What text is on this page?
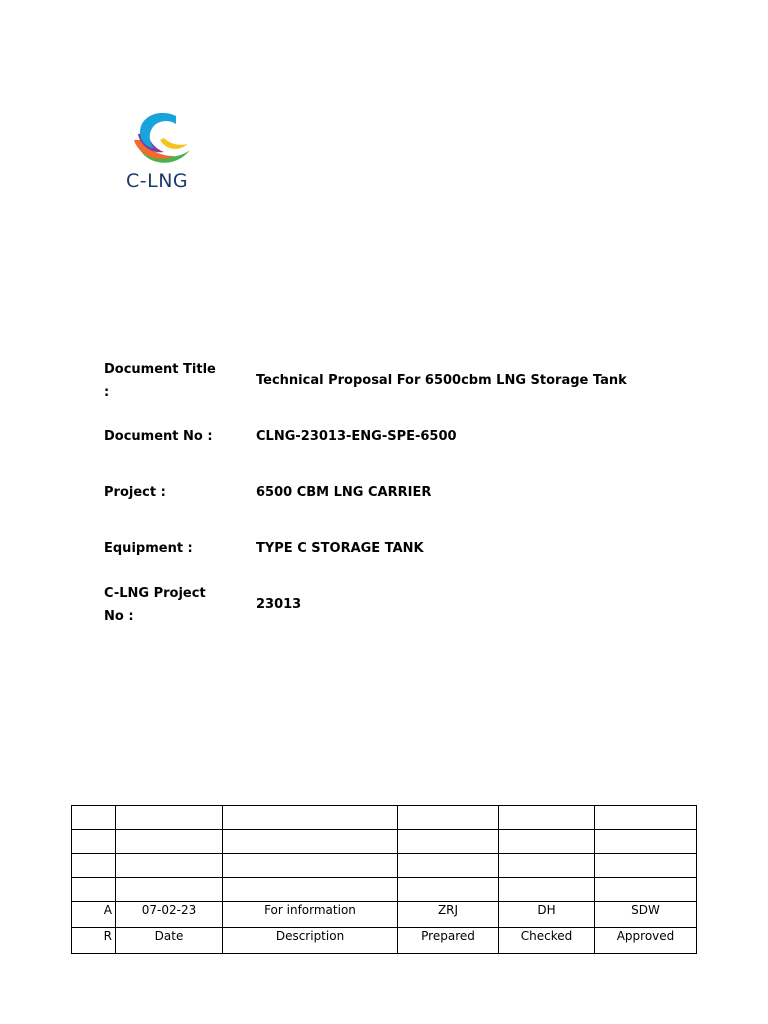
C-LNG
Document Title :
Technical Proposal For 6500cbm LNG Storage Tank
Document No :	CLNG-23013-ENG-SPE-6500
Project :	6500 CBM LNG CARRIER
Equipment :	TYPE C STORAGE TANK
C-LNG Project No :
23013

A	07-02-23	For information	ZRJ	DH	SDW
R	Date	Description	Prepared	Checked	Approved
